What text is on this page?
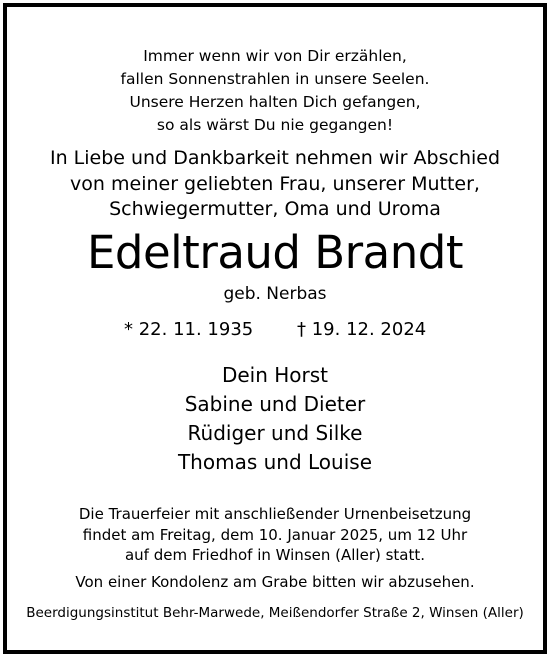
Immer wenn wir von Dir erzählen,
fallen Sonnenstrahlen in unsere Seelen.
Unsere Herzen halten Dich gefangen,
so als wärst Du nie gegangen!
In Liebe und Dankbarkeit nehmen wir Abschied
von meiner geliebten Frau, unserer Mutter,
Schwiegermutter, Oma und Uroma
Edeltraud Brandt
geb. Nerbas
* 22. 11. 1935 † 19. 12. 2024
Dein Horst
Sabine und Dieter
Rüdiger und Silke
Thomas und Louise
Die Trauerfeier mit anschließender Urnenbeisetzung
findet am Freitag, dem 10. Januar 2025, um 12 Uhr
auf dem Friedhof in Winsen (Aller) statt.
Von einer Kondolenz am Grabe bitten wir abzusehen.
Beerdigungsinstitut Behr-Marwede, Meißendorfer Straße 2, Winsen (Aller)
